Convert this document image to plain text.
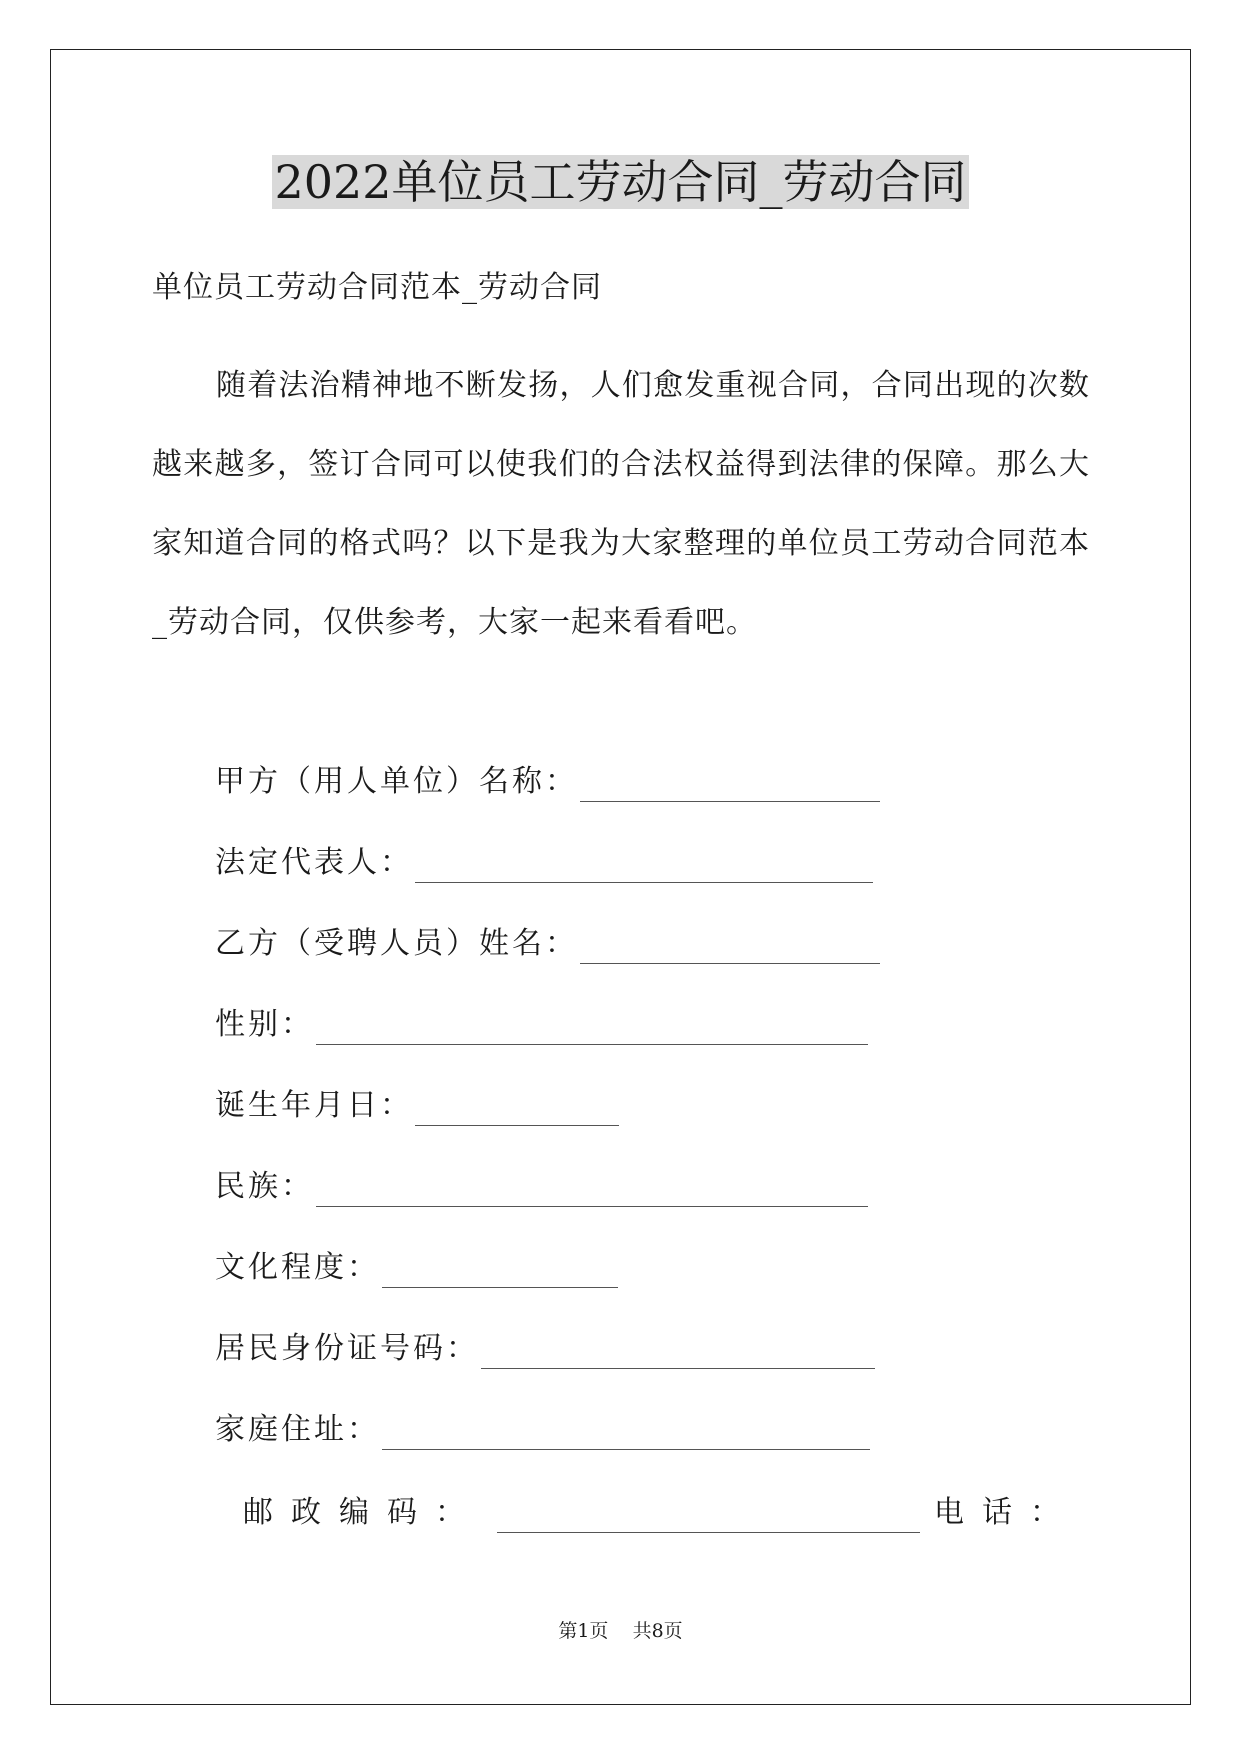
2022单位员工劳动合同_劳动合同
单位员工劳动合同范本_劳动合同

随着法治精神地不断发扬，人们愈发重视合同，合同出现的次数越来越多，签订合同可以使我们的合法权益得到法律的保障。那么大家知道合同的格式吗？以下是我为大家整理的单位员工劳动合同范本_劳动合同，仅供参考，大家一起来看看吧。

甲方（用人单位）名称：
法定代表人：
乙方（受聘人员）姓名：
性别：
诞生年月日：
民族：
文化程度：
居民身份证号码：
家庭住址：
邮政编码：	电话：
第1页    共8页
